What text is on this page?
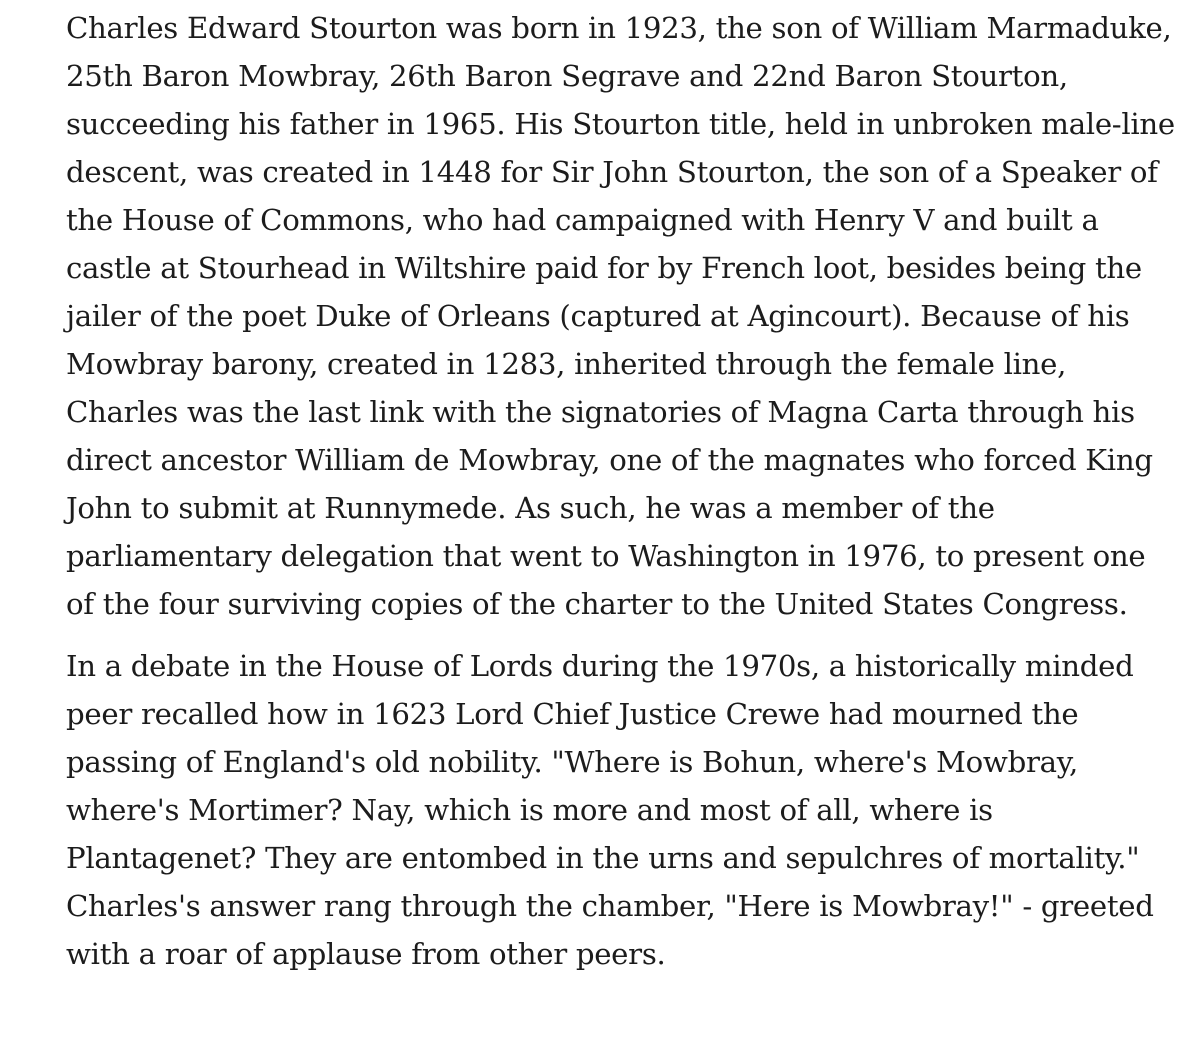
Charles Edward Stourton was born in 1923, the son of William Marmaduke, 25th Baron Mowbray, 26th Baron Segrave and 22nd Baron Stourton, succeeding his father in 1965. His Stourton title, held in unbroken male-line descent, was created in 1448 for Sir John Stourton, the son of a Speaker of the House of Commons, who had campaigned with Henry V and built a castle at Stourhead in Wiltshire paid for by French loot, besides being the jailer of the poet Duke of Orleans (captured at Agincourt). Because of his Mowbray barony, created in 1283, inherited through the female line, Charles was the last link with the signatories of Magna Carta through his direct ancestor William de Mowbray, one of the magnates who forced King John to submit at Runnymede. As such, he was a member of the parliamentary delegation that went to Washington in 1976, to present one of the four surviving copies of the charter to the United States Congress.

In a debate in the House of Lords during the 1970s, a historically minded peer recalled how in 1623 Lord Chief Justice Crewe had mourned the passing of England's old nobility. "Where is Bohun, where's Mowbray, where's Mortimer? Nay, which is more and most of all, where is Plantagenet? They are entombed in the urns and sepulchres of mortality." Charles's answer rang through the chamber, "Here is Mowbray!" - greeted with a roar of applause from other peers.
